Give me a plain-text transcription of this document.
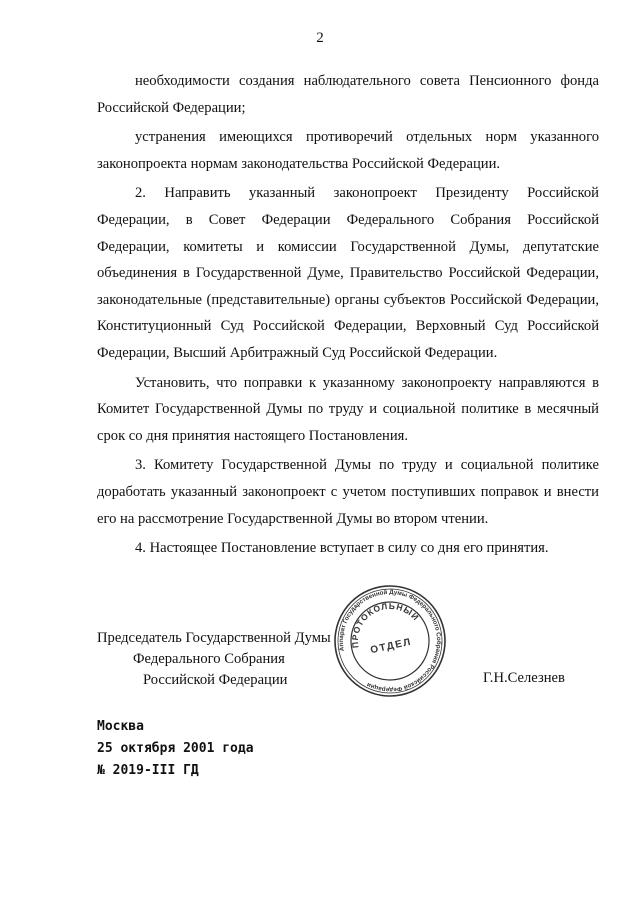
2

необходимости создания наблюдательного совета Пенсионного фонда Российской Федерации;

устранения имеющихся противоречий отдельных норм указанного законопроекта нормам законодательства Российской Федерации.

2. Направить указанный законопроект Президенту Российской Федерации, в Совет Федерации Федерального Собрания Российской Федерации, комитеты и комиссии Государственной Думы, депутатские объединения в Государственной Думе, Правительство Российской Федерации, законодательные (представительные) органы субъектов Российской Федерации, Конституционный Суд Российской Федерации, Верховный Суд Российской Федерации, Высший Арбитражный Суд Российской Федерации.

Установить, что поправки к указанному законопроекту направляются в Комитет Государственной Думы по труду и социальной политике в месячный срок со дня принятия настоящего Постановления.

3. Комитету Государственной Думы по труду и социальной политике доработать указанный законопроект с учетом поступивших поправок и внести его на рассмотрение Государственной Думы во втором чтении.

4. Настоящее Постановление вступает в силу со дня его принятия.

Председатель Государственной Думы
Федерального Собрания
Российской Федерации	Г.Н.Селезнев
Аппарат Государственной Думы Федерального Собрания Российской Федерации
ПРОТОКОЛЬНЫЙ
ОТДЕЛ
Москва
25 октября 2001 года
№ 2019-III ГД
